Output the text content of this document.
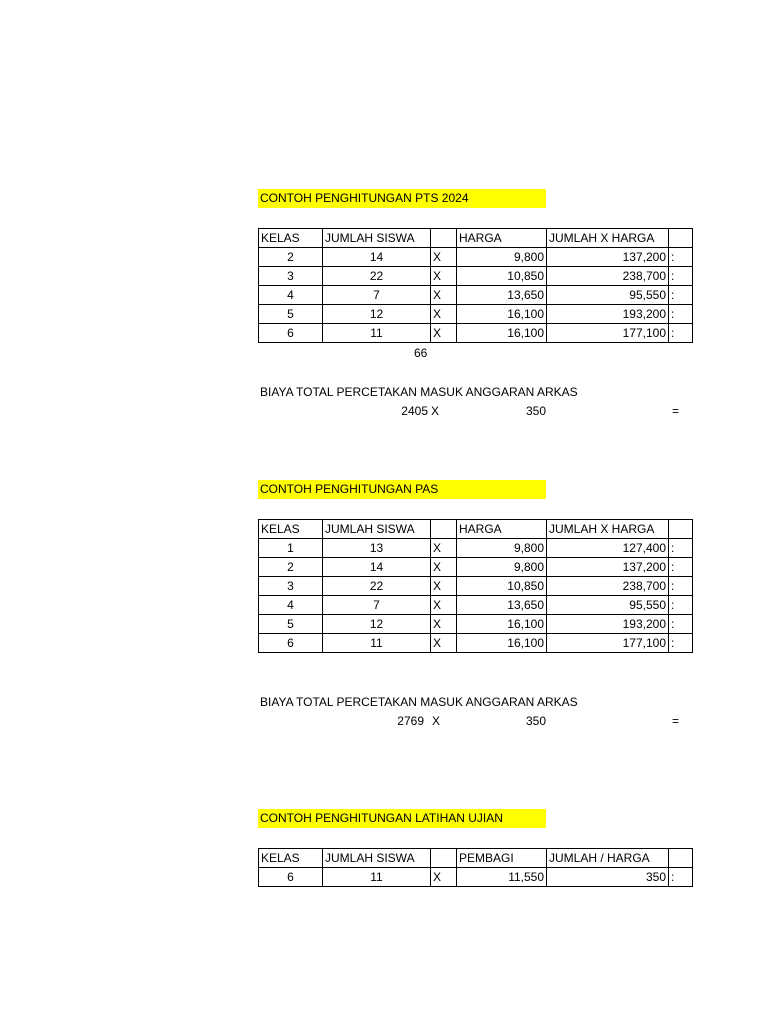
CONTOH PENGHITUNGAN PTS 2024
KELAS	JUMLAH SISWA		HARGA	JUMLAH X HARGA	
2	14	X	9,800	137,200	:
3	22	X	10,850	238,700	:
4	7	X	13,650	95,550	:
5	12	X	16,100	193,200	:
6	11	X	16,100	177,100	:
66
BIAYA TOTAL PERCETAKAN MASUK ANGGARAN ARKAS
2405 X	350	=
CONTOH PENGHITUNGAN PAS
KELAS	JUMLAH SISWA		HARGA	JUMLAH X HARGA	
1	13	X	9,800	127,400	:
2	14	X	9,800	137,200	:
3	22	X	10,850	238,700	:
4	7	X	13,650	95,550	:
5	12	X	16,100	193,200	:
6	11	X	16,100	177,100	:
BIAYA TOTAL PERCETAKAN MASUK ANGGARAN ARKAS
2769 X	350	=
CONTOH PENGHITUNGAN LATIHAN UJIAN
KELAS	JUMLAH SISWA		PEMBAGI	JUMLAH / HARGA	
6	11	X	11,550	350	:
